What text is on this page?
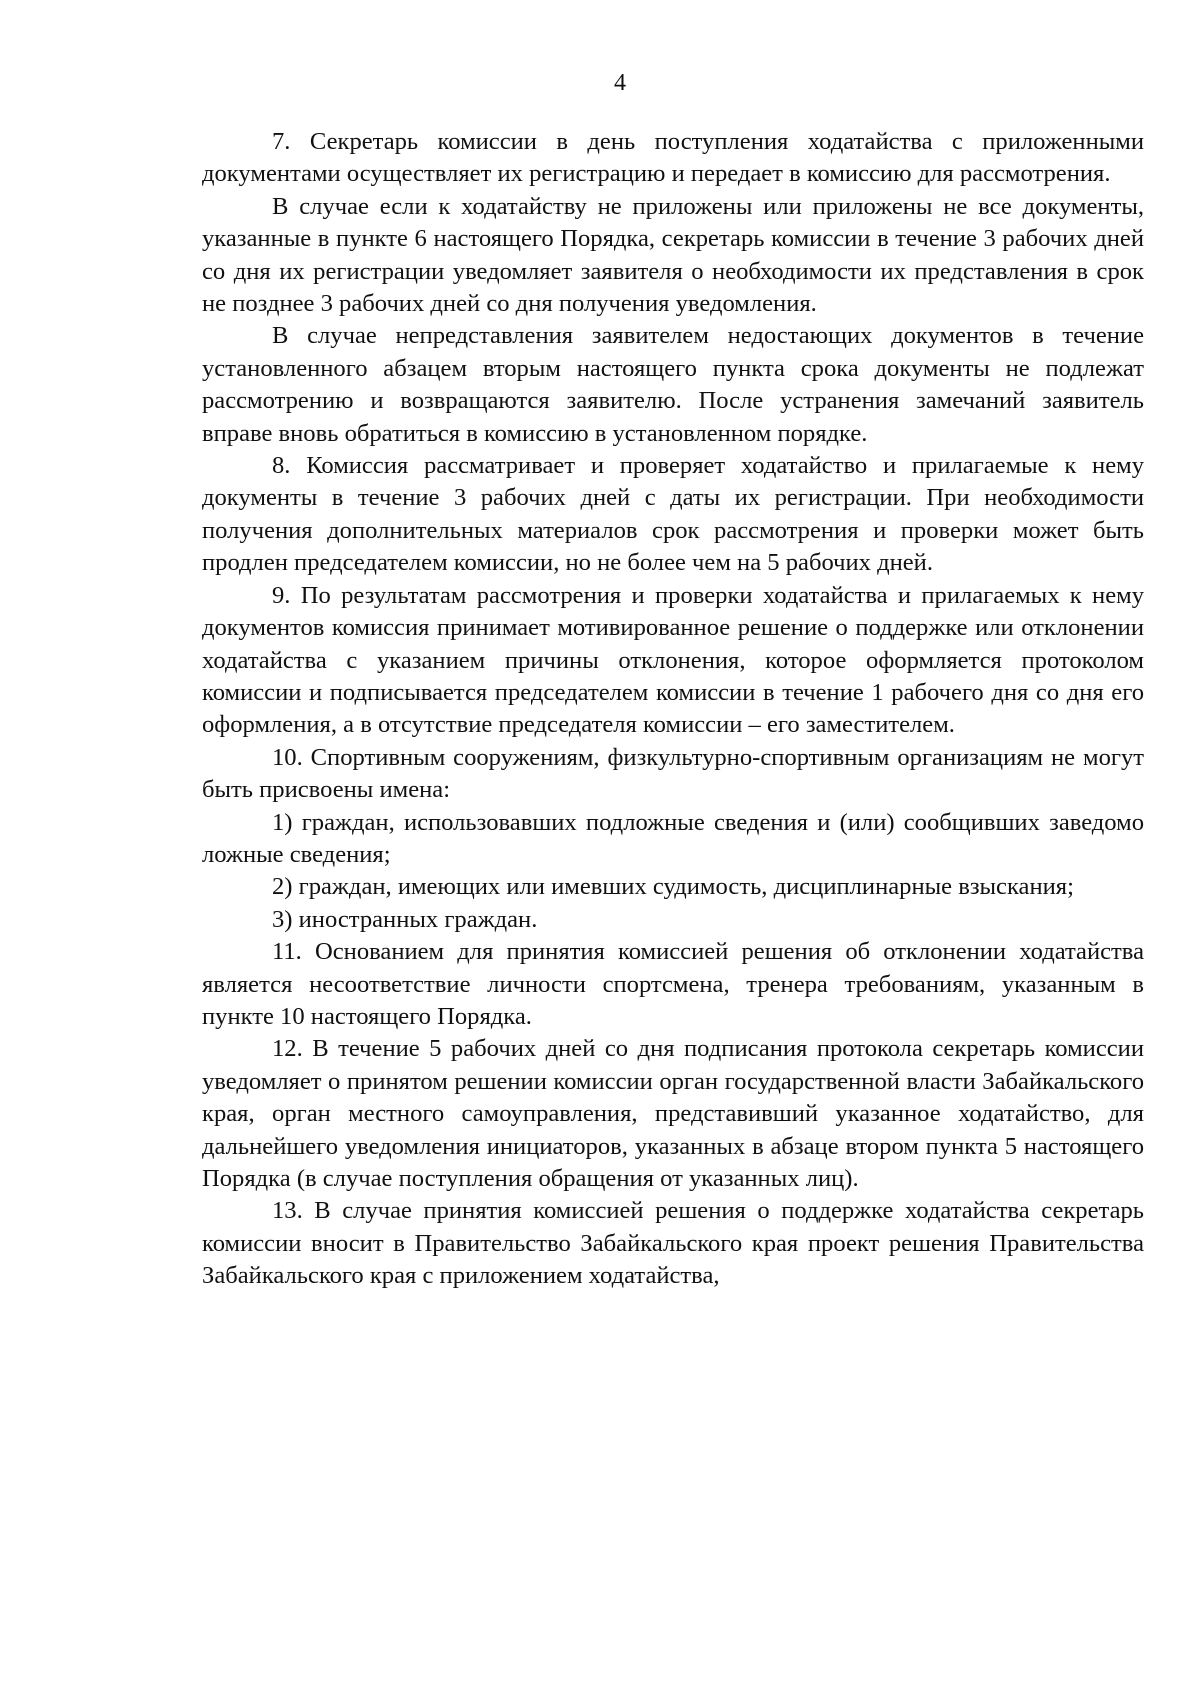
4

7. Секретарь комиссии в день поступления ходатайства с приложенными документами осуществляет их регистрацию и передает в комиссию для рассмотрения.

В случае если к ходатайству не приложены или приложены не все документы, указанные в пункте 6 настоящего Порядка, секретарь комиссии в течение 3 рабочих дней со дня их регистрации уведомляет заявителя о необходимости их представления в срок не позднее 3 рабочих дней со дня получения уведомления.

В случае непредставления заявителем недостающих документов в течение установленного абзацем вторым настоящего пункта срока документы не подлежат рассмотрению и возвращаются заявителю. После устранения замечаний заявитель вправе вновь обратиться в комиссию в установленном порядке.

8. Комиссия рассматривает и проверяет ходатайство и прилагаемые к нему документы в течение 3 рабочих дней с даты их регистрации. При необходимости получения дополнительных материалов срок рассмотрения и проверки может быть продлен председателем комиссии, но не более чем на 5 рабочих дней.

9. По результатам рассмотрения и проверки ходатайства и прилагаемых к нему документов комиссия принимает мотивированное решение о поддержке или отклонении ходатайства с указанием причины отклонения, которое оформляется протоколом комиссии и подписывается председателем комиссии в течение 1 рабочего дня со дня его оформления, а в отсутствие председателя комиссии – его заместителем.

10. Спортивным сооружениям, физкультурно-спортивным организациям не могут быть присвоены имена:

1) граждан, использовавших подложные сведения и (или) сообщивших заведомо ложные сведения;

2) граждан, имеющих или имевших судимость, дисциплинарные взыскания;

3) иностранных граждан.

11. Основанием для принятия комиссией решения об отклонении ходатайства является несоответствие личности спортсмена, тренера требованиям, указанным в пункте 10 настоящего Порядка.

12. В течение 5 рабочих дней со дня подписания протокола секретарь комиссии уведомляет о принятом решении комиссии орган государственной власти Забайкальского края, орган местного самоуправления, представивший указанное ходатайство, для дальнейшего уведомления инициаторов, указанных в абзаце втором пункта 5 настоящего Порядка (в случае поступления обращения от указанных лиц).

13. В случае принятия комиссией решения о поддержке ходатайства секретарь комиссии вносит в Правительство Забайкальского края проект решения Правительства Забайкальского края с приложением ходатайства,
